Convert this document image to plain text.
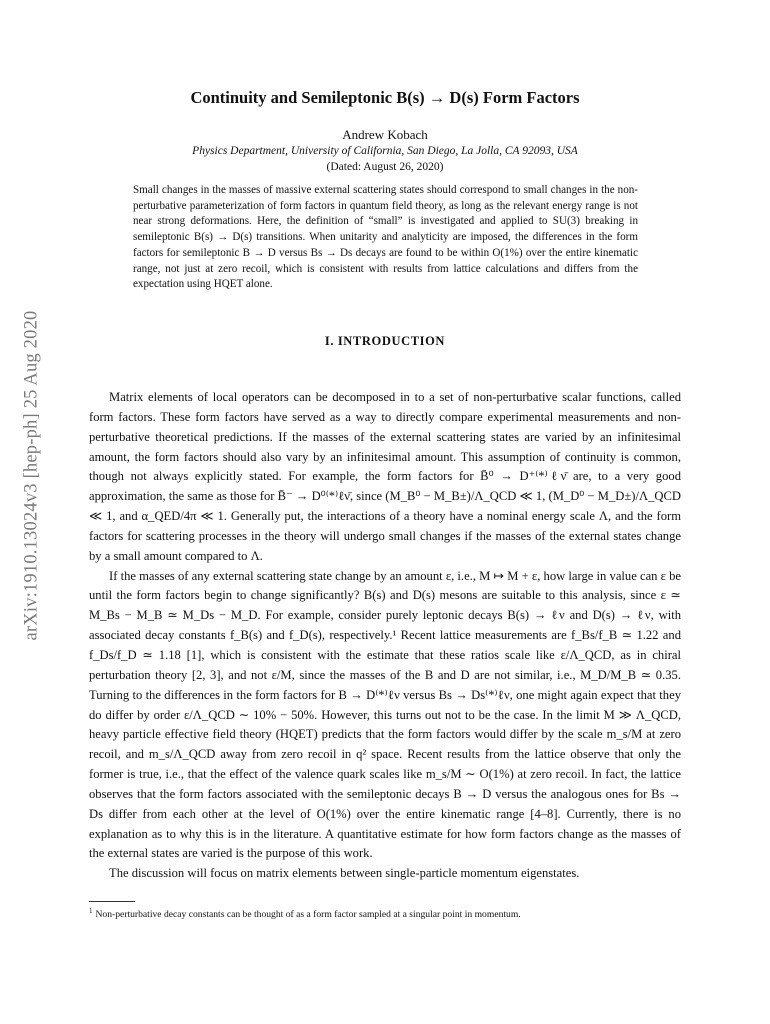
arXiv:1910.13024v3 [hep-ph] 25 Aug 2020
Continuity and Semileptonic B(s) → D(s) Form Factors
Andrew Kobach
Physics Department, University of California, San Diego, La Jolla, CA 92093, USA
(Dated: August 26, 2020)
Small changes in the masses of massive external scattering states should correspond to small changes in the non-perturbative parameterization of form factors in quantum field theory, as long as the relevant energy range is not near strong deformations. Here, the definition of “small” is investigated and applied to SU(3) breaking in semileptonic B(s) → D(s) transitions. When unitarity and analyticity are imposed, the differences in the form factors for semileptonic B → D versus Bs → Ds decays are found to be within O(1%) over the entire kinematic range, not just at zero recoil, which is consistent with results from lattice calculations and differs from the expectation using HQET alone.
I. INTRODUCTION

Matrix elements of local operators can be decomposed in to a set of non-perturbative scalar functions, called form factors. These form factors have served as a way to directly compare experimental measurements and non-perturbative theoretical predictions. If the masses of the external scattering states are varied by an infinitesimal amount, the form factors should also vary by an infinitesimal amount. This assumption of continuity is common, though not always explicitly stated. For example, the form factors for B̄⁰ → D⁺⁽*⁾ℓν̄ are, to a very good approximation, the same as those for B̄⁻ → D⁰⁽*⁾ℓν̄, since (M_B⁰ − M_B±)/Λ_QCD ≪ 1, (M_D⁰ − M_D±)/Λ_QCD ≪ 1, and α_QED/4π ≪ 1. Generally put, the interactions of a theory have a nominal energy scale Λ, and the form factors for scattering processes in the theory will undergo small changes if the masses of the external states change by a small amount compared to Λ.

If the masses of any external scattering state change by an amount ε, i.e., M ↦ M + ε, how large in value can ε be until the form factors begin to change significantly? B(s) and D(s) mesons are suitable to this analysis, since ε ≃ M_Bs − M_B ≃ M_Ds − M_D. For example, consider purely leptonic decays B(s) → ℓν and D(s) → ℓν, with associated decay constants f_B(s) and f_D(s), respectively.¹ Recent lattice measurements are f_Bs/f_B ≃ 1.22 and f_Ds/f_D ≃ 1.18 [1], which is consistent with the estimate that these ratios scale like ε/Λ_QCD, as in chiral perturbation theory [2, 3], and not ε/M, since the masses of the B and D are not similar, i.e., M_D/M_B ≃ 0.35. Turning to the differences in the form factors for B → D⁽*⁾ℓν versus Bs → Ds⁽*⁾ℓν, one might again expect that they do differ by order ε/Λ_QCD ∼ 10% − 50%. However, this turns out not to be the case. In the limit M ≫ Λ_QCD, heavy particle effective field theory (HQET) predicts that the form factors would differ by the scale m_s/M at zero recoil, and m_s/Λ_QCD away from zero recoil in q² space. Recent results from the lattice observe that only the former is true, i.e., that the effect of the valence quark scales like m_s/M ∼ O(1%) at zero recoil. In fact, the lattice observes that the form factors associated with the semileptonic decays B → D versus the analogous ones for Bs → Ds differ from each other at the level of O(1%) over the entire kinematic range [4–8]. Currently, there is no explanation as to why this is in the literature. A quantitative estimate for how form factors change as the masses of the external states are varied is the purpose of this work.

The discussion will focus on matrix elements between single-particle momentum eigenstates.

$^1$ Non-perturbative decay constants can be thought of as a form factor sampled at a singular point in momentum.
